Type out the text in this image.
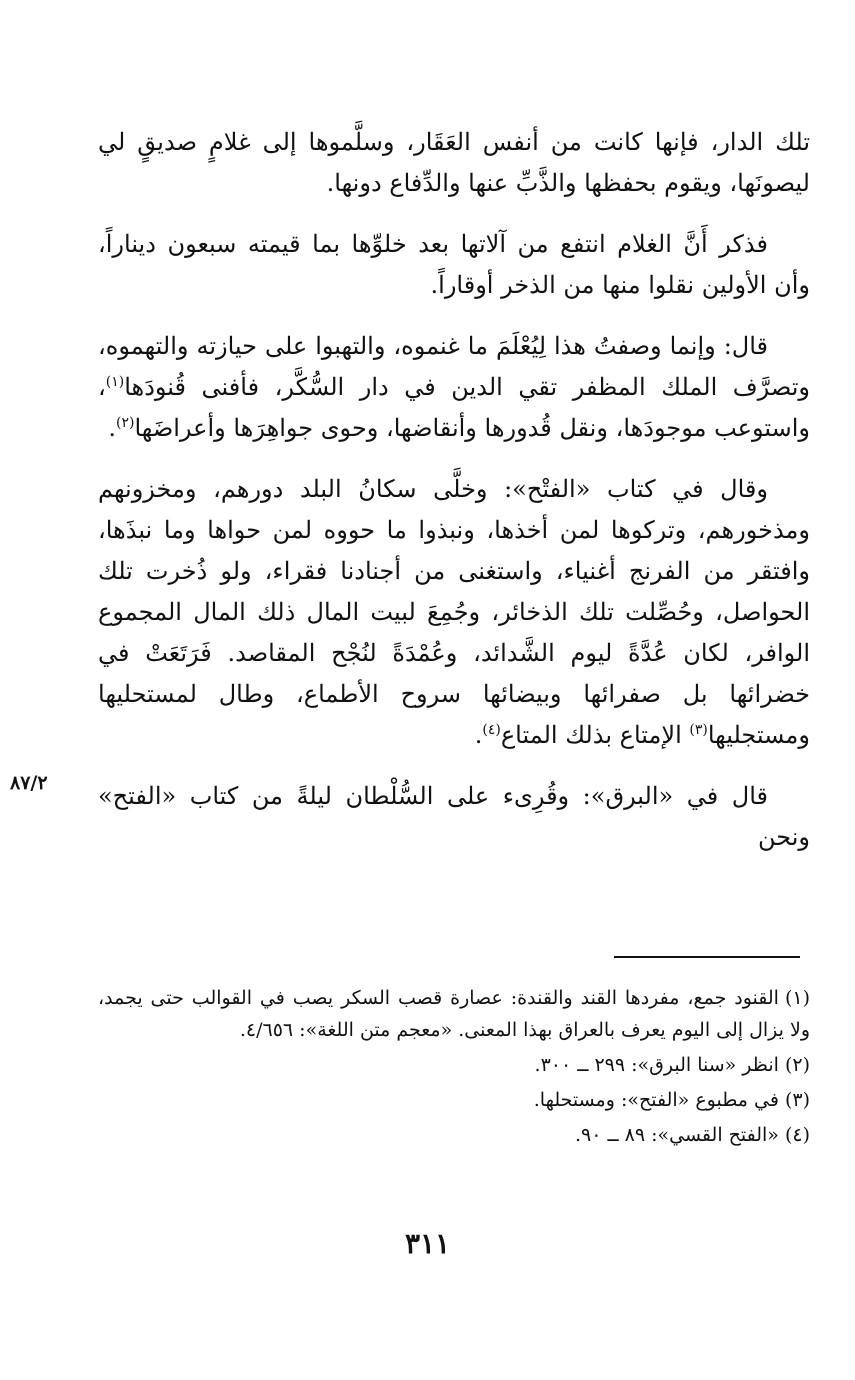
تلك الدار، فإنها كانت من أنفس العَقَار، وسلَّموها إلى غلامٍ صديقٍ لي ليصونَها، ويقوم بحفظها والذَّبِّ عنها والدِّفاع دونها.

فذكر أَنَّ الغلام انتفع من آلاتها بعد خلوِّها بما قيمته سبعون ديناراً، وأن الأولين نقلوا منها من الذخر أوقاراً.

قال: وإنما وصفتُ هذا لِيُعْلَمَ ما غنموه، والتهبوا على حيازته والتهموه، وتصرَّف الملك المظفر تقي الدين في دار السُّكَّر، فأفنى قُنودَها$^{(١)}$، واستوعب موجودَها، ونقل قُدورها وأنقاضها، وحوى جواهِرَها وأعراضَها$^{(٢)}$.

وقال في كتاب «الفتْح»: وخلَّى سكانُ البلد دورهم، ومخزونهم ومذخورهم، وتركوها لمن أخذها، ونبذوا ما حووه لمن حواها وما نبذَها، وافتقر من الفرنج أغنياء، واستغنى من أجنادنا فقراء، ولو ذُخرت تلك الحواصل، وحُصِّلت تلك الذخائر، وجُمِعَ لبيت المال ذلك المال المجموع الوافر، لكان عُدَّةً ليوم الشَّدائد، وعُمْدَةً لنُجْح المقاصد. فَرَتَعَتْ في خضرائها بل صفرائها وبيضائها سروح الأطماع، وطال لمستحليها ومستجليها$^{(٣)}$ الإمتاع بذلك المتاع$^{(٤)}$.

قال في «البرق»: وقُرِىء على السُّلْطان ليلةً من كتاب «الفتح» ونحن

٨٧/٢

(١)القنود جمع، مفردها القند والقندة: عصارة قصب السكر يصب في القوالب حتى يجمد، ولا يزال إلى اليوم يعرف بالعراق بهذا المعنى. «معجم متن اللغة»: ٤/٦٥٦.

(٢)انظر «سنا البرق»: ٢٩٩ ــ ٣٠٠.

(٣)في مطبوع «الفتح»: ومستحلها.

(٤)«الفتح القسي»: ٨٩ ــ ٩٠.

٣١١
